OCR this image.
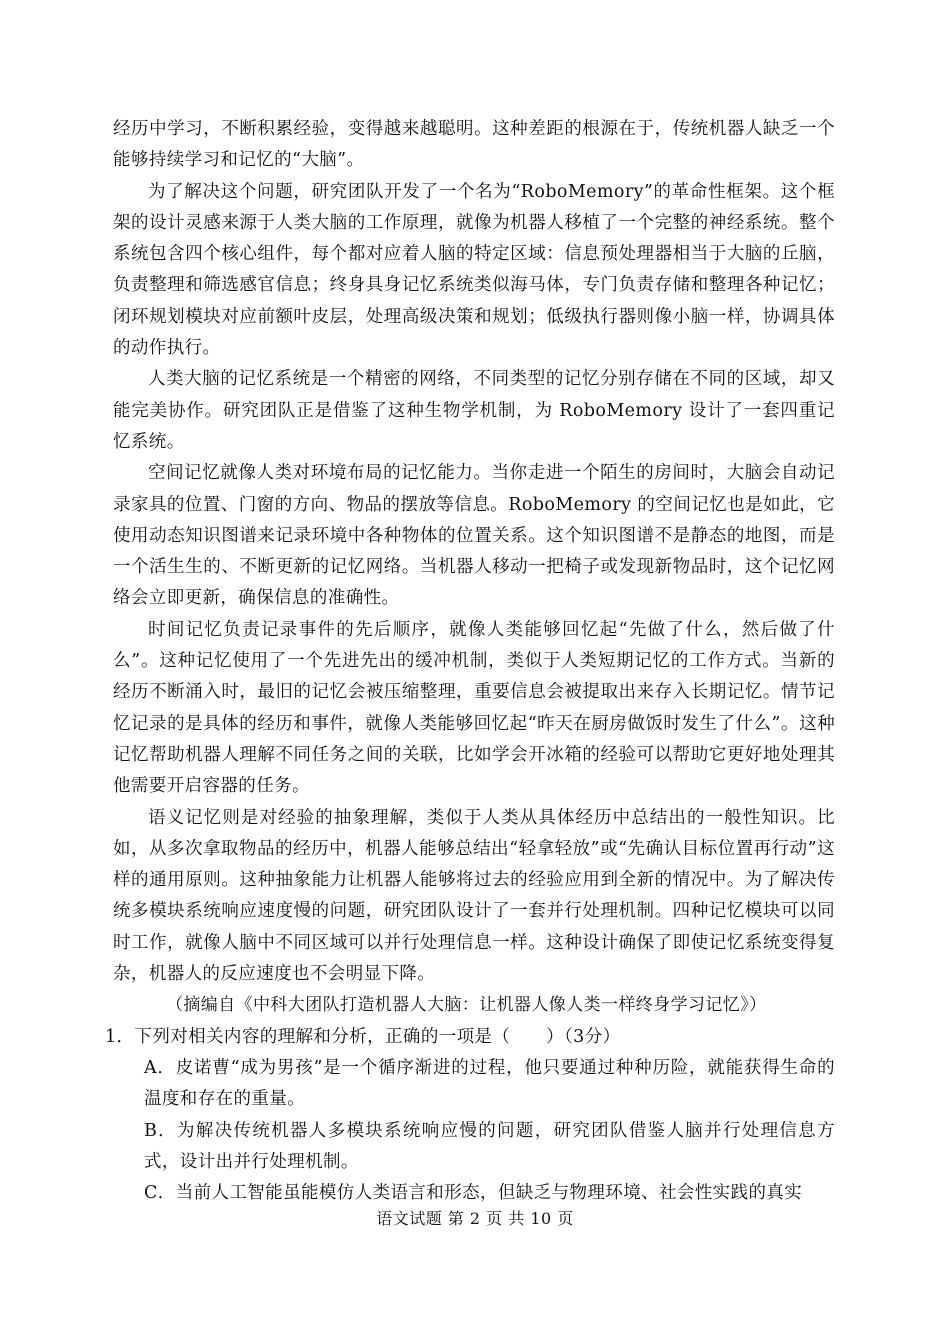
经历中学习，不断积累经验，变得越来越聪明。这种差距的根源在于，传统机器人缺乏一个能够持续学习和记忆的“大脑”。

为了解决这个问题，研究团队开发了一个名为“RoboMemory”的革命性框架。这个框架的设计灵感来源于人类大脑的工作原理，就像为机器人移植了一个完整的神经系统。整个系统包含四个核心组件，每个都对应着人脑的特定区域：信息预处理器相当于大脑的丘脑，负责整理和筛选感官信息；终身具身记忆系统类似海马体，专门负责存储和整理各种记忆；闭环规划模块对应前额叶皮层，处理高级决策和规划；低级执行器则像小脑一样，协调具体的动作执行。

人类大脑的记忆系统是一个精密的网络，不同类型的记忆分别存储在不同的区域，却又能完美协作。研究团队正是借鉴了这种生物学机制，为 RoboMemory 设计了一套四重记忆系统。

空间记忆就像人类对环境布局的记忆能力。当你走进一个陌生的房间时，大脑会自动记录家具的位置、门窗的方向、物品的摆放等信息。RoboMemory 的空间记忆也是如此，它使用动态知识图谱来记录环境中各种物体的位置关系。这个知识图谱不是静态的地图，而是一个活生生的、不断更新的记忆网络。当机器人移动一把椅子或发现新物品时，这个记忆网络会立即更新，确保信息的准确性。

时间记忆负责记录事件的先后顺序，就像人类能够回忆起“先做了什么，然后做了什么”。这种记忆使用了一个先进先出的缓冲机制，类似于人类短期记忆的工作方式。当新的经历不断涌入时，最旧的记忆会被压缩整理，重要信息会被提取出来存入长期记忆。情节记忆记录的是具体的经历和事件，就像人类能够回忆起“昨天在厨房做饭时发生了什么”。这种记忆帮助机器人理解不同任务之间的关联，比如学会开冰箱的经验可以帮助它更好地处理其他需要开启容器的任务。

语义记忆则是对经验的抽象理解，类似于人类从具体经历中总结出的一般性知识。比如，从多次拿取物品的经历中，机器人能够总结出“轻拿轻放”或“先确认目标位置再行动”这样的通用原则。这种抽象能力让机器人能够将过去的经验应用到全新的情况中。为了解决传统多模块系统响应速度慢的问题，研究团队设计了一套并行处理机制。四种记忆模块可以同时工作，就像人脑中不同区域可以并行处理信息一样。这种设计确保了即使记忆系统变得复杂，机器人的反应速度也不会明显下降。

（摘编自《中科大团队打造机器人大脑：让机器人像人类一样终身学习记忆》）

1．下列对相关内容的理解和分析，正确的一项是（　　）（3分）

A．皮诺曹“成为男孩”是一个循序渐进的过程，他只要通过种种历险，就能获得生命的温度和存在的重量。

B．为解决传统机器人多模块系统响应慢的问题，研究团队借鉴人脑并行处理信息方式，设计出并行处理机制。

C．当前人工智能虽能模仿人类语言和形态，但缺乏与物理环境、社会性实践的真实

语文试题 第 2 页 共 10 页
